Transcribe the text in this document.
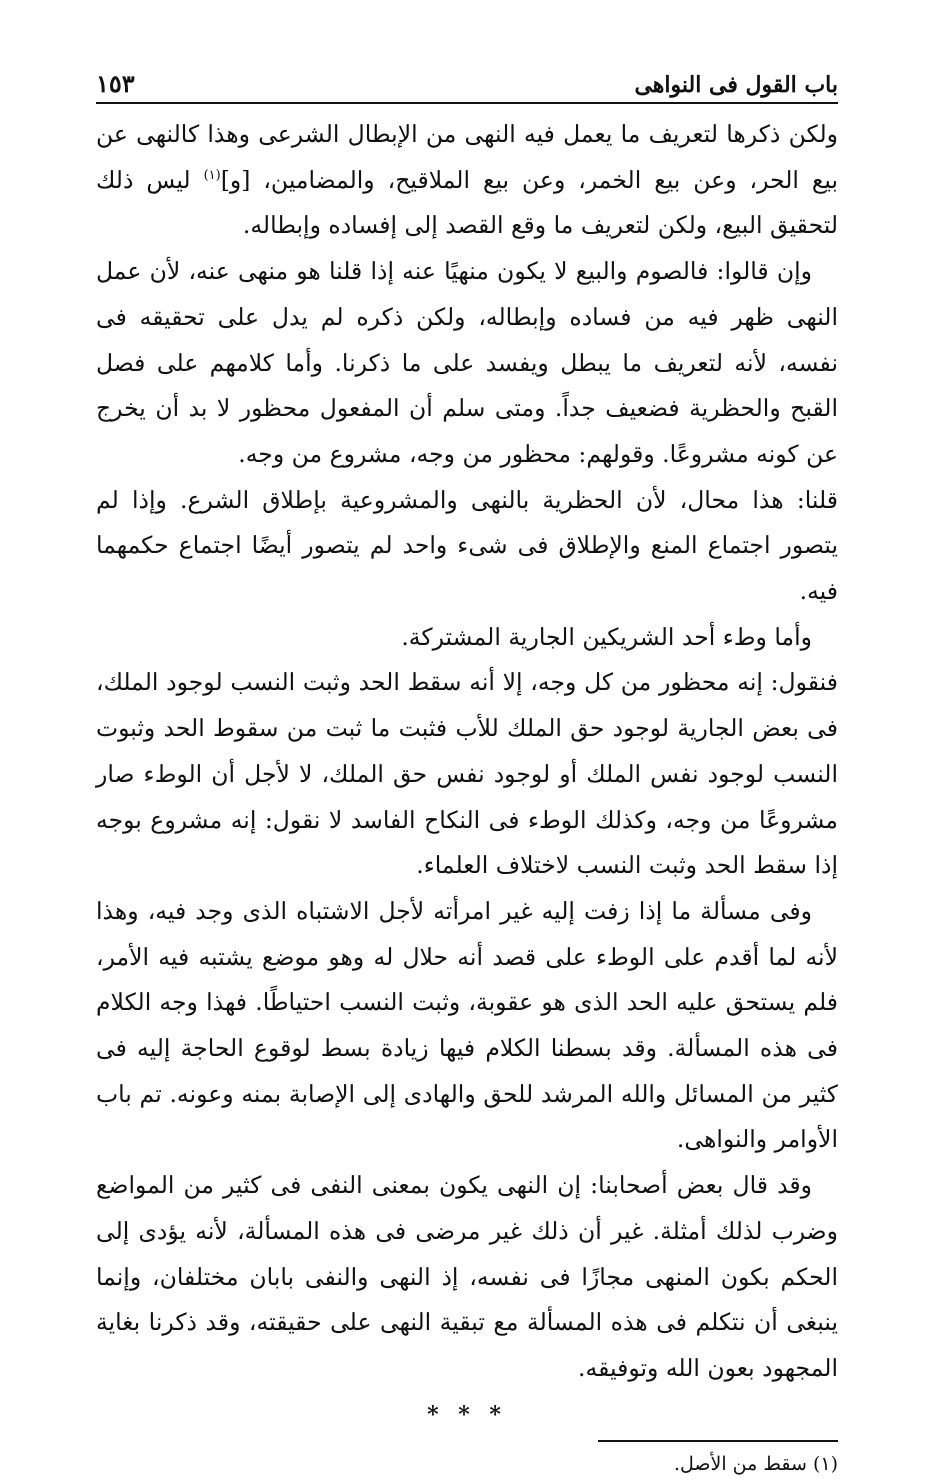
باب القول فى النواهى
١٥٣

ولكن ذكرها لتعريف ما يعمل فيه النهى من الإبطال الشرعى وهذا كالنهى عن بيع الحر، وعن بيع الخمر، وعن بيع الملاقيح، والمضامين، [و]$^{(١)}$ ليس ذلك لتحقيق البيع، ولكن لتعريف ما وقع القصد إلى إفساده وإبطاله.

وإن قالوا: فالصوم والبيع لا يكون منهيًا عنه إذا قلنا هو منهى عنه، لأن عمل النهى ظهر فيه من فساده وإبطاله، ولكن ذكره لم يدل على تحقيقه فى نفسه، لأنه لتعريف ما يبطل ويفسد على ما ذكرنا. وأما كلامهم على فصل القبح والحظرية فضعيف جداً. ومتى سلم أن المفعول محظور لا بد أن يخرج عن كونه مشروعًا. وقولهم: محظور من وجه، مشروع من وجه.

قلنا: هذا محال، لأن الحظرية بالنهى والمشروعية بإطلاق الشرع. وإذا لم يتصور اجتماع المنع والإطلاق فى شىء واحد لم يتصور أيضًا اجتماع حكمهما فيه.

وأما وطء أحد الشريكين الجارية المشتركة.

فنقول: إنه محظور من كل وجه، إلا أنه سقط الحد وثبت النسب لوجود الملك، فى بعض الجارية لوجود حق الملك للأب فثبت ما ثبت من سقوط الحد وثبوت النسب لوجود نفس الملك أو لوجود نفس حق الملك، لا لأجل أن الوطء صار مشروعًا من وجه، وكذلك الوطء فى النكاح الفاسد لا نقول: إنه مشروع بوجه إذا سقط الحد وثبت النسب لاختلاف العلماء.

وفى مسألة ما إذا زفت إليه غير امرأته لأجل الاشتباه الذى وجد فيه، وهذا لأنه لما أقدم على الوطء على قصد أنه حلال له وهو موضع يشتبه فيه الأمر، فلم يستحق عليه الحد الذى هو عقوبة، وثبت النسب احتياطًا. فهذا وجه الكلام فى هذه المسألة. وقد بسطنا الكلام فيها زيادة بسط لوقوع الحاجة إليه فى كثير من المسائل والله المرشد للحق والهادى إلى الإصابة بمنه وعونه. تم باب الأوامر والنواهى.

وقد قال بعض أصحابنا: إن النهى يكون بمعنى النفى فى كثير من المواضع وضرب لذلك أمثلة. غير أن ذلك غير مرضى فى هذه المسألة، لأنه يؤدى إلى الحكم بكون المنهى مجازًا فى نفسه، إذ النهى والنفى بابان مختلفان، وإنما ينبغى أن نتكلم فى هذه المسألة مع تبقية النهى على حقيقته، وقد ذكرنا بغاية المجهود بعون الله وتوفيقه.

* * *
(١) سقط من الأصل.
